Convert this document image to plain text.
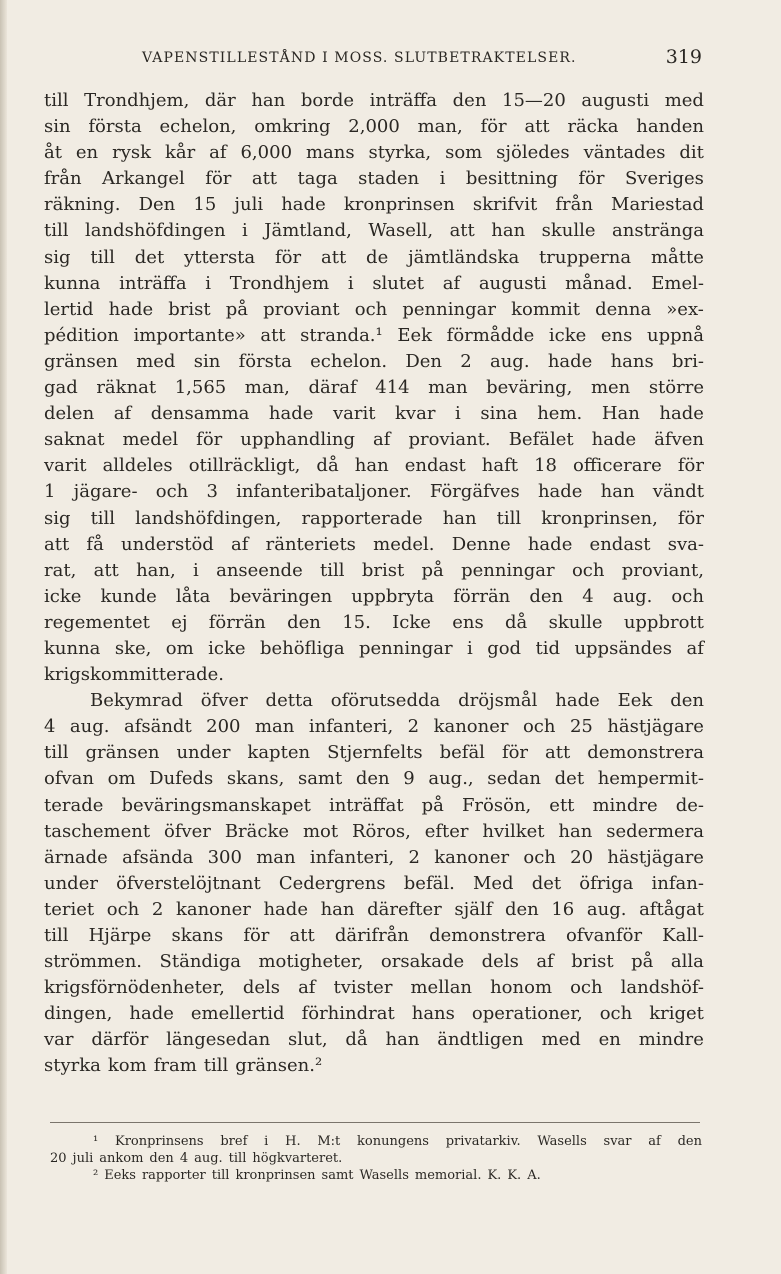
VAPENSTILLESTÅND I MOSS. SLUTBETRAKTELSER.	319
till Trondhjem, där han borde inträffa den 15—20 augusti med
sin första echelon, omkring 2,000 man, för att räcka handen
åt en rysk kår af 6,000 mans styrka, som sjöledes väntades dit
från Arkangel för att taga staden i besittning för Sveriges
räkning. Den 15 juli hade kronprinsen skrifvit från Mariestad
till landshöfdingen i Jämtland, Wasell, att han skulle anstränga
sig till det yttersta för att de jämtländska trupperna måtte
kunna inträffa i Trondhjem i slutet af augusti månad. Emel-
lertid hade brist på proviant och penningar kommit denna »ex-
pédition importante» att stranda.¹ Eek förmådde icke ens uppnå
gränsen med sin första echelon. Den 2 aug. hade hans bri-
gad räknat 1,565 man, däraf 414 man beväring, men större
delen af densamma hade varit kvar i sina hem. Han hade
saknat medel för upphandling af proviant. Befälet hade äfven
varit alldeles otillräckligt, då han endast haft 18 officerare för
1 jägare- och 3 infanteribataljoner. Förgäfves hade han vändt
sig till landshöfdingen, rapporterade han till kronprinsen, för
att få understöd af ränteriets medel. Denne hade endast sva-
rat, att han, i anseende till brist på penningar och proviant,
icke kunde låta beväringen uppbryta förrän den 4 aug. och
regementet ej förrän den 15. Icke ens då skulle uppbrott
kunna ske, om icke behöfliga penningar i god tid uppsändes af
krigskommitterade.
Bekymrad öfver detta oförutsedda dröjsmål hade Eek den
4 aug. afsändt 200 man infanteri, 2 kanoner och 25 hästjägare
till gränsen under kapten Stjernfelts befäl för att demonstrera
ofvan om Dufeds skans, samt den 9 aug., sedan det hempermit-
terade beväringsmanskapet inträffat på Frösön, ett mindre de-
taschement öfver Bräcke mot Röros, efter hvilket han sedermera
ärnade afsända 300 man infanteri, 2 kanoner och 20 hästjägare
under öfverstelöjtnant Cedergrens befäl. Med det öfriga infan-
teriet och 2 kanoner hade han därefter själf den 16 aug. aftågat
till Hjärpe skans för att därifrån demonstrera ofvanför Kall-
strömmen. Ständiga motigheter, orsakade dels af brist på alla
krigsförnödenheter, dels af tvister mellan honom och landshöf-
dingen, hade emellertid förhindrat hans operationer, och kriget
var därför längesedan slut, då han ändtligen med en mindre
styrka kom fram till gränsen.²
¹ Kronprinsens bref i H. M:t konungens privatarkiv. Wasells svar af den
20 juli ankom den 4 aug. till högkvarteret.
² Eeks rapporter till kronprinsen samt Wasells memorial. K. K. A.
